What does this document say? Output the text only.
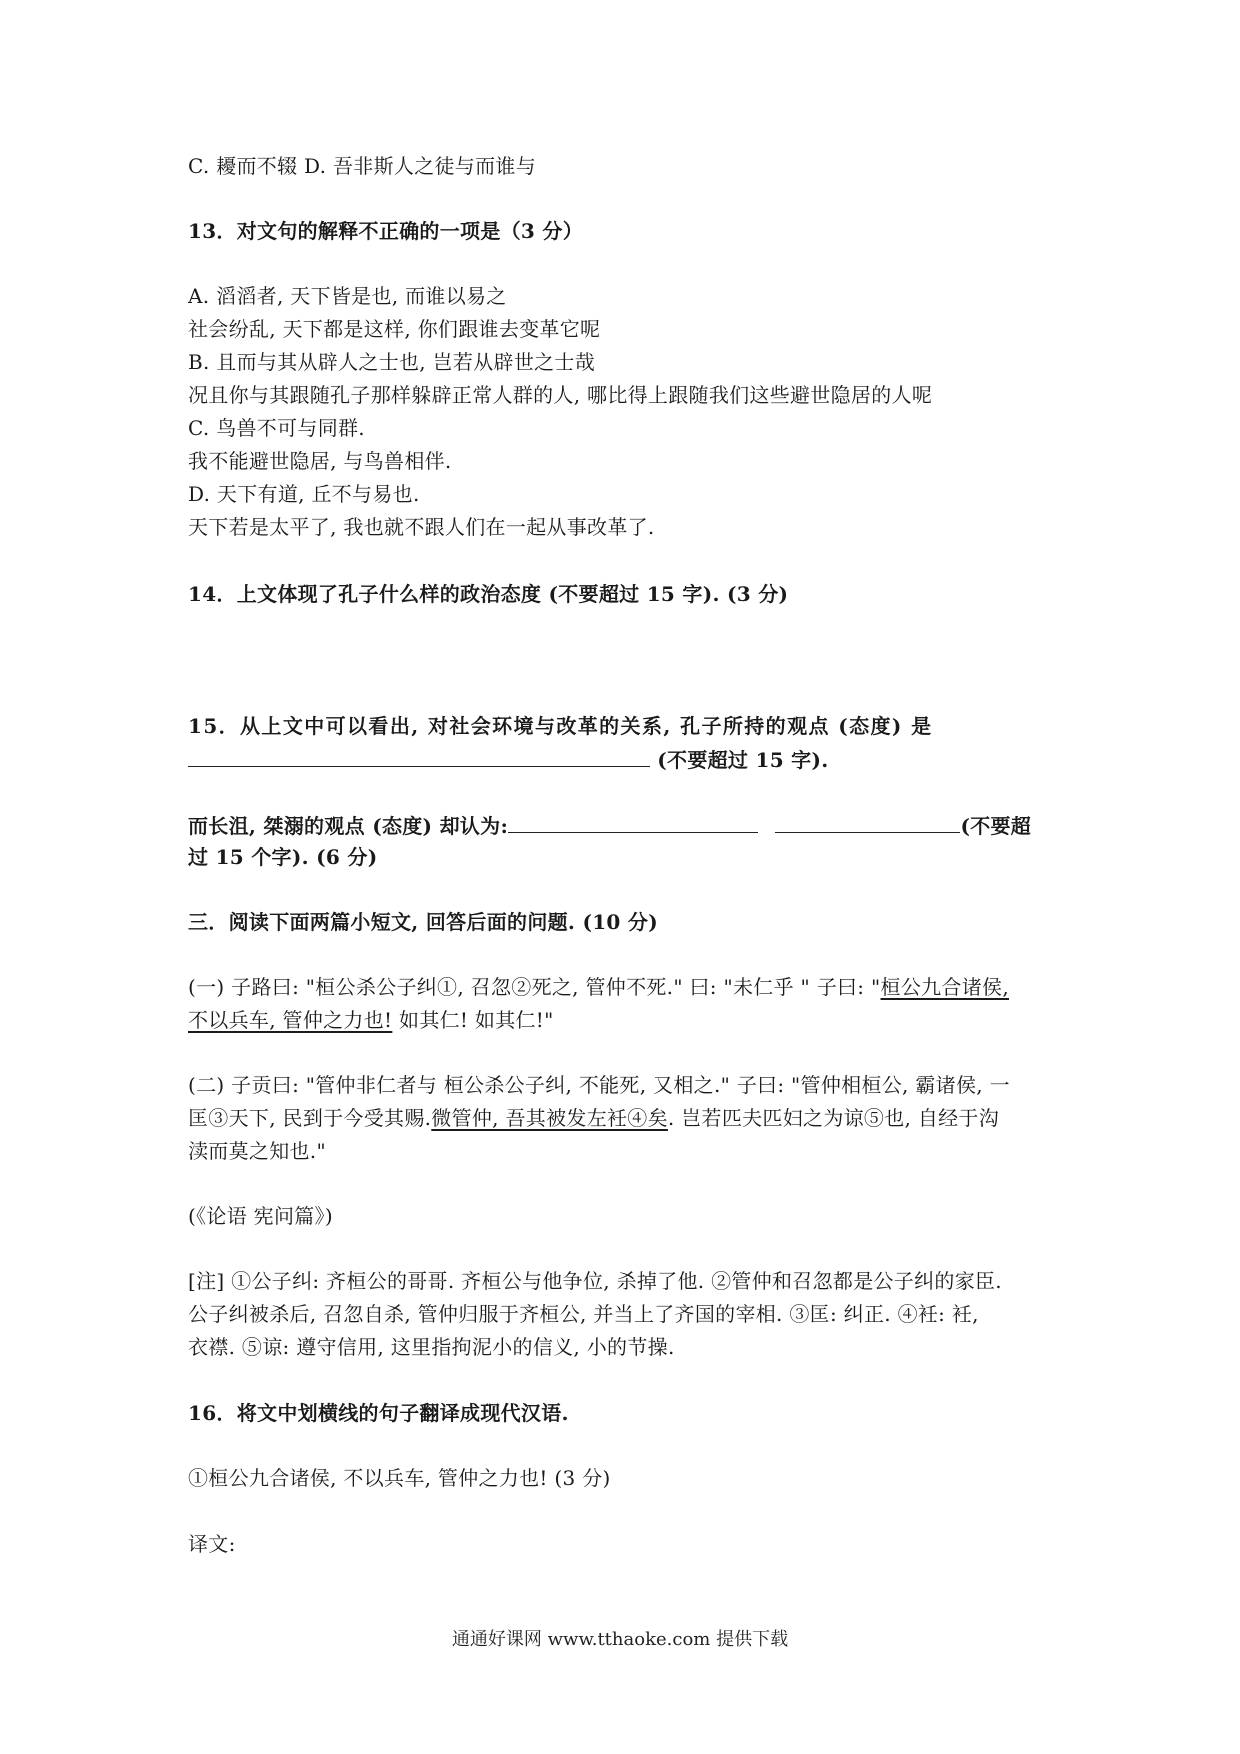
C. 耰而不辍 D. 吾非斯人之徒与而谁与
13．对文句的解释不正确的一项是（3 分）
A. 滔滔者, 天下皆是也, 而谁以易之
社会纷乱, 天下都是这样, 你们跟谁去变革它呢
B. 且而与其从辟人之士也, 岂若从辟世之士哉
况且你与其跟随孔子那样躲辟正常人群的人, 哪比得上跟随我们这些避世隐居的人呢
C. 鸟兽不可与同群.
我不能避世隐居, 与鸟兽相伴.
D. 天下有道, 丘不与易也.
天下若是太平了, 我也就不跟人们在一起从事改革了.
14．上文体现了孔子什么样的政治态度 (不要超过 15 字). (3 分)
15．从上文中可以看出, 对社会环境与改革的关系, 孔子所持的观点 (态度) 是
(不要超过 15 字).
而长沮, 桀溺的观点 (态度) 却认为:	(不要超
过 15 个字). (6 分)
三．阅读下面两篇小短文, 回答后面的问题. (10 分)
(一) 子路曰: "桓公杀公子纠①, 召忽②死之, 管仲不死." 曰: "未仁乎 " 子曰: "桓公九合诸侯,
不以兵车, 管仲之力也! 如其仁! 如其仁!"
(二) 子贡曰: "管仲非仁者与 桓公杀公子纠, 不能死, 又相之." 子曰: "管仲相桓公, 霸诸侯, 一
匡③天下, 民到于今受其赐.微管仲, 吾其被发左衽④矣. 岂若匹夫匹妇之为谅⑤也, 自经于沟
渎而莫之知也."
(《论语 宪问篇》)
[注] ①公子纠: 齐桓公的哥哥. 齐桓公与他争位, 杀掉了他. ②管仲和召忽都是公子纠的家臣.
公子纠被杀后, 召忽自杀, 管仲归服于齐桓公, 并当上了齐国的宰相. ③匡: 纠正. ④衽: 衽,
衣襟. ⑤谅: 遵守信用, 这里指拘泥小的信义, 小的节操.
16．将文中划横线的句子翻译成现代汉语.
①桓公九合诸侯, 不以兵车, 管仲之力也! (3 分)
译文:
通通好课网 www.tthaoke.com 提供下载
